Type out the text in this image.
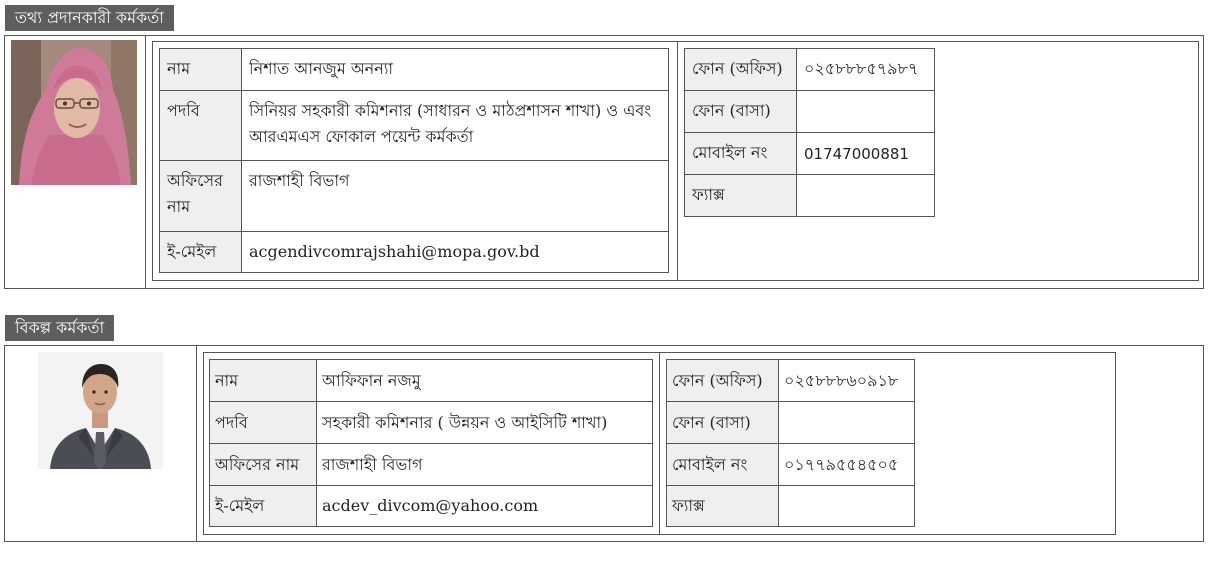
তথ্য প্রদানকারী কর্মকর্তা
নাম	নিশাত আনজুম অনন্যা
পদবি	সিনিয়র সহকারী কমিশনার (সাধারন ও মাঠপ্রশাসন শাখা) ও এবং আরএমএস ফোকাল পয়েন্ট কর্মকর্তা
অফিসের নাম	রাজশাহী বিভাগ
ই-মেইল	acgendivcomrajshahi@mopa.gov.bd
ফোন (অফিস)	০২৫৮৮৮৫৭৯৮৭
ফোন (বাসা)	
মোবাইল নং	01747000881
ফ্যাক্স	
বিকল্প কর্মকর্তা
নাম	আফিফান নজমু
পদবি	সহকারী কমিশনার ( উন্নয়ন ও আইসিটি শাখা)
অফিসের নাম	রাজশাহী বিভাগ
ই-মেইল	acdev_divcom@yahoo.com
ফোন (অফিস)	০২৫৮৮৮৬০৯১৮
ফোন (বাসা)	
মোবাইল নং	০১৭৭৯৫৫৪৫০৫
ফ্যাক্স	
